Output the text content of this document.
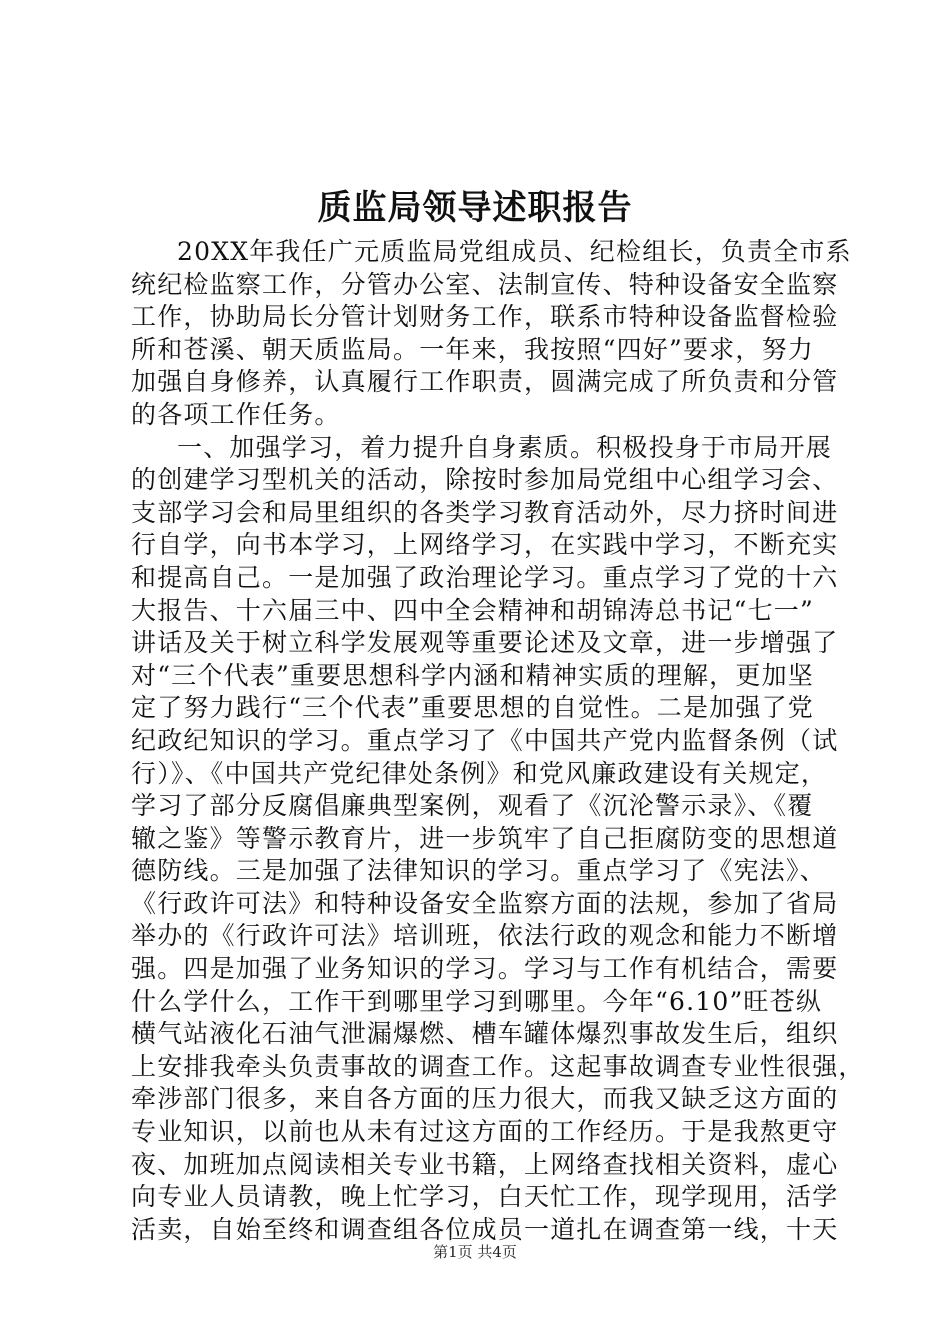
质监局领导述职报告
20XX年我任广元质监局党组成员、纪检组长，负责全市系
统纪检监察工作，分管办公室、法制宣传、特种设备安全监察
工作，协助局长分管计划财务工作，联系市特种设备监督检验
所和苍溪、朝天质监局。一年来，我按照“四好”要求，努力
加强自身修养，认真履行工作职责，圆满完成了所负责和分管
的各项工作任务。
一、加强学习，着力提升自身素质。积极投身于市局开展
的创建学习型机关的活动，除按时参加局党组中心组学习会、
支部学习会和局里组织的各类学习教育活动外，尽力挤时间进
行自学，向书本学习，上网络学习，在实践中学习，不断充实
和提高自己。一是加强了政治理论学习。重点学习了党的十六
大报告、十六届三中、四中全会精神和胡锦涛总书记“七一”
讲话及关于树立科学发展观等重要论述及文章，进一步增强了
对“三个代表”重要思想科学内涵和精神实质的理解，更加坚
定了努力践行“三个代表”重要思想的自觉性。二是加强了党
纪政纪知识的学习。重点学习了《中国共产党内监督条例（试
行）》、《中国共产党纪律处条例》和党风廉政建设有关规定，
学习了部分反腐倡廉典型案例，观看了《沉沦警示录》、《覆
辙之鉴》等警示教育片，进一步筑牢了自己拒腐防变的思想道
德防线。三是加强了法律知识的学习。重点学习了《宪法》、
《行政许可法》和特种设备安全监察方面的法规，参加了省局
举办的《行政许可法》培训班，依法行政的观念和能力不断增
强。四是加强了业务知识的学习。学习与工作有机结合，需要
什么学什么，工作干到哪里学习到哪里。今年“6.10”旺苍纵
横气站液化石油气泄漏爆燃、槽车罐体爆烈事故发生后，组织
上安排我牵头负责事故的调查工作。这起事故调查专业性很强，
牵涉部门很多，来自各方面的压力很大，而我又缺乏这方面的
专业知识，以前也从未有过这方面的工作经历。于是我熬更守
夜、加班加点阅读相关专业书籍，上网络查找相关资料，虚心
向专业人员请教，晚上忙学习，白天忙工作，现学现用，活学
活卖，自始至终和调查组各位成员一道扎在调查第一线，十天
第1页 共4页
